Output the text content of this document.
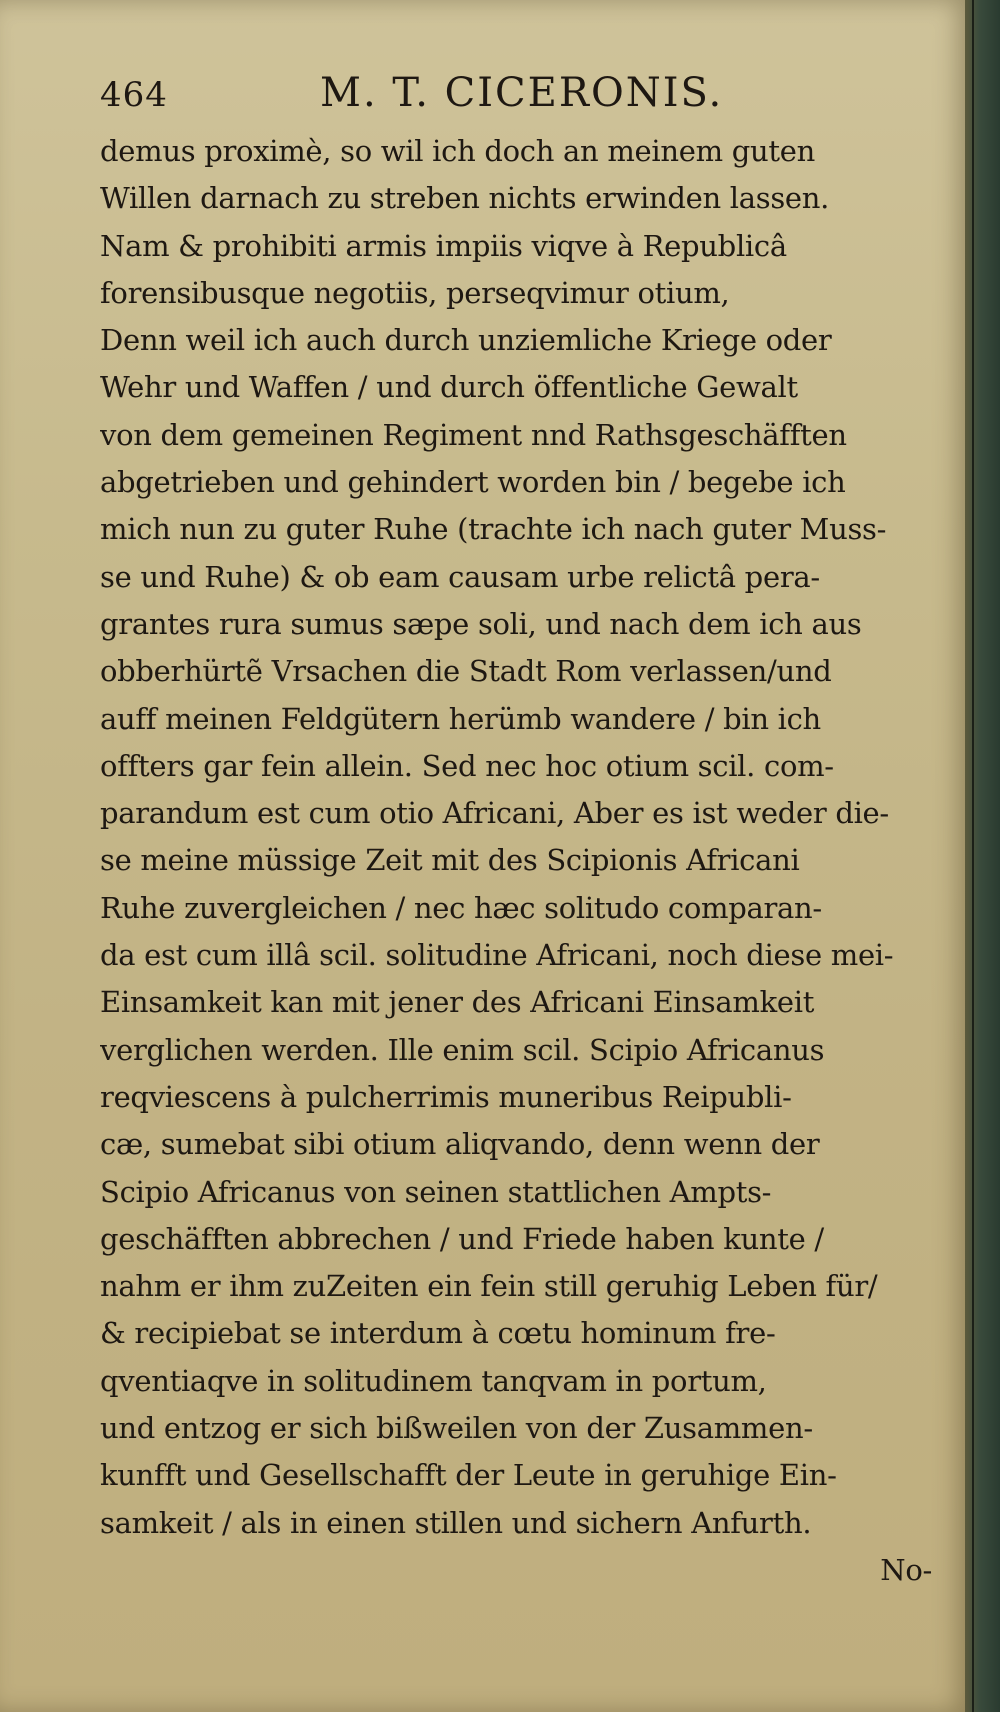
464	M. T. CICERONIS.
demus proximè, so wil ich doch an meinem guten
Willen darnach zu streben nichts erwinden lassen.
Nam & prohibiti armis impiis viqve à Republicâ
forensibusque negotiis, perseqvimur otium,
Denn weil ich auch durch unziemliche Kriege oder
Wehr und Waffen / und durch öffentliche Gewalt
von dem gemeinen Regiment nnd Rathsgeschäfften
abgetrieben und gehindert worden bin / begebe ich
mich nun zu guter Ruhe (trachte ich nach guter Muss-
se und Ruhe) & ob eam causam urbe relictâ pera-
grantes rura sumus sæpe soli, und nach dem ich aus
obberhürtẽ Vrsachen die Stadt Rom verlassen/und
auff meinen Feldgütern herümb wandere / bin ich
offters gar fein allein. Sed nec hoc otium scil. com-
parandum est cum otio Africani, Aber es ist weder die-
se meine müssige Zeit mit des Scipionis Africani
Ruhe zuvergleichen / nec hæc solitudo comparan-
da est cum illâ scil. solitudine Africani, noch diese mei-
Einsamkeit kan mit jener des Africani Einsamkeit
verglichen werden. Ille enim scil. Scipio Africanus
reqviescens à pulcherrimis muneribus Reipubli-
cæ, sumebat sibi otium aliqvando, denn wenn der
Scipio Africanus von seinen stattlichen Ampts-
geschäfften abbrechen / und Friede haben kunte /
nahm er ihm zuZeiten ein fein still geruhig Leben für/
& recipiebat se interdum à cœtu hominum fre-
qventiaqve in solitudinem tanqvam in portum,
und entzog er sich bißweilen von der Zusammen-
kunfft und Gesellschafft der Leute in geruhige Ein-
samkeit / als in einen stillen und sichern Anfurth.
No-
